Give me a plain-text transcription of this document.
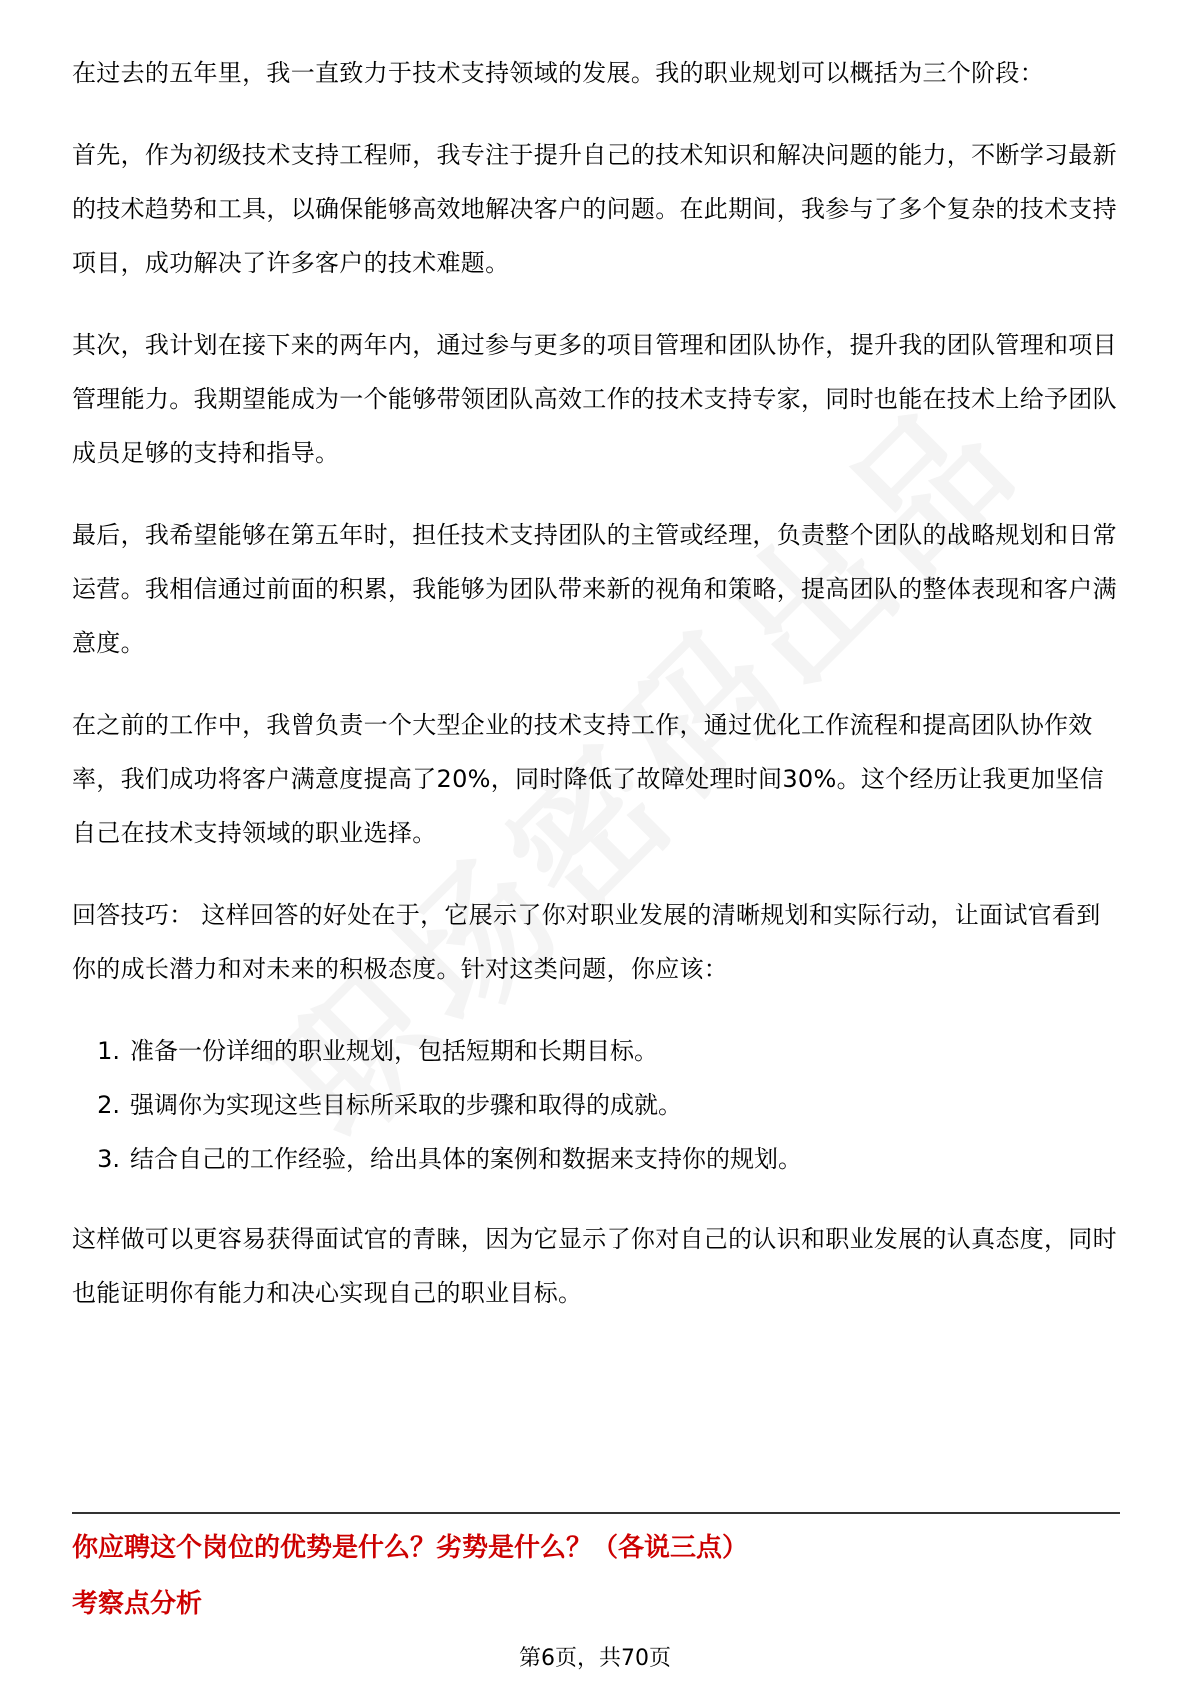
在过去的五年里，我一直致力于技术支持领域的发展。我的职业规划可以概括为三个阶段：

首先，作为初级技术支持工程师，我专注于提升自己的技术知识和解决问题的能力，不断学习最新的技术趋势和工具，以确保能够高效地解决客户的问题。在此期间，我参与了多个复杂的技术支持项目，成功解决了许多客户的技术难题。

其次，我计划在接下来的两年内，通过参与更多的项目管理和团队协作，提升我的团队管理和项目管理能力。我期望能成为一个能够带领团队高效工作的技术支持专家，同时也能在技术上给予团队成员足够的支持和指导。

最后，我希望能够在第五年时，担任技术支持团队的主管或经理，负责整个团队的战略规划和日常运营。我相信通过前面的积累，我能够为团队带来新的视角和策略，提高团队的整体表现和客户满意度。

在之前的工作中，我曾负责一个大型企业的技术支持工作，通过优化工作流程和提高团队协作效率，我们成功将客户满意度提高了20%，同时降低了故障处理时间30%。这个经历让我更加坚信自己在技术支持领域的职业选择。

回答技巧： 这样回答的好处在于，它展示了你对职业发展的清晰规划和实际行动，让面试官看到你的成长潜力和对未来的积极态度。针对这类问题，你应该：

1. 准备一份详细的职业规划，包括短期和长期目标。
2. 强调你为实现这些目标所采取的步骤和取得的成就。
3. 结合自己的工作经验，给出具体的案例和数据来支持你的规划。

这样做可以更容易获得面试官的青睐，因为它显示了你对自己的认识和职业发展的认真态度，同时也能证明你有能力和决心实现自己的职业目标。

你应聘这个岗位的优势是什么？劣势是什么？（各说三点）
考察点分析
第6页，共70页
